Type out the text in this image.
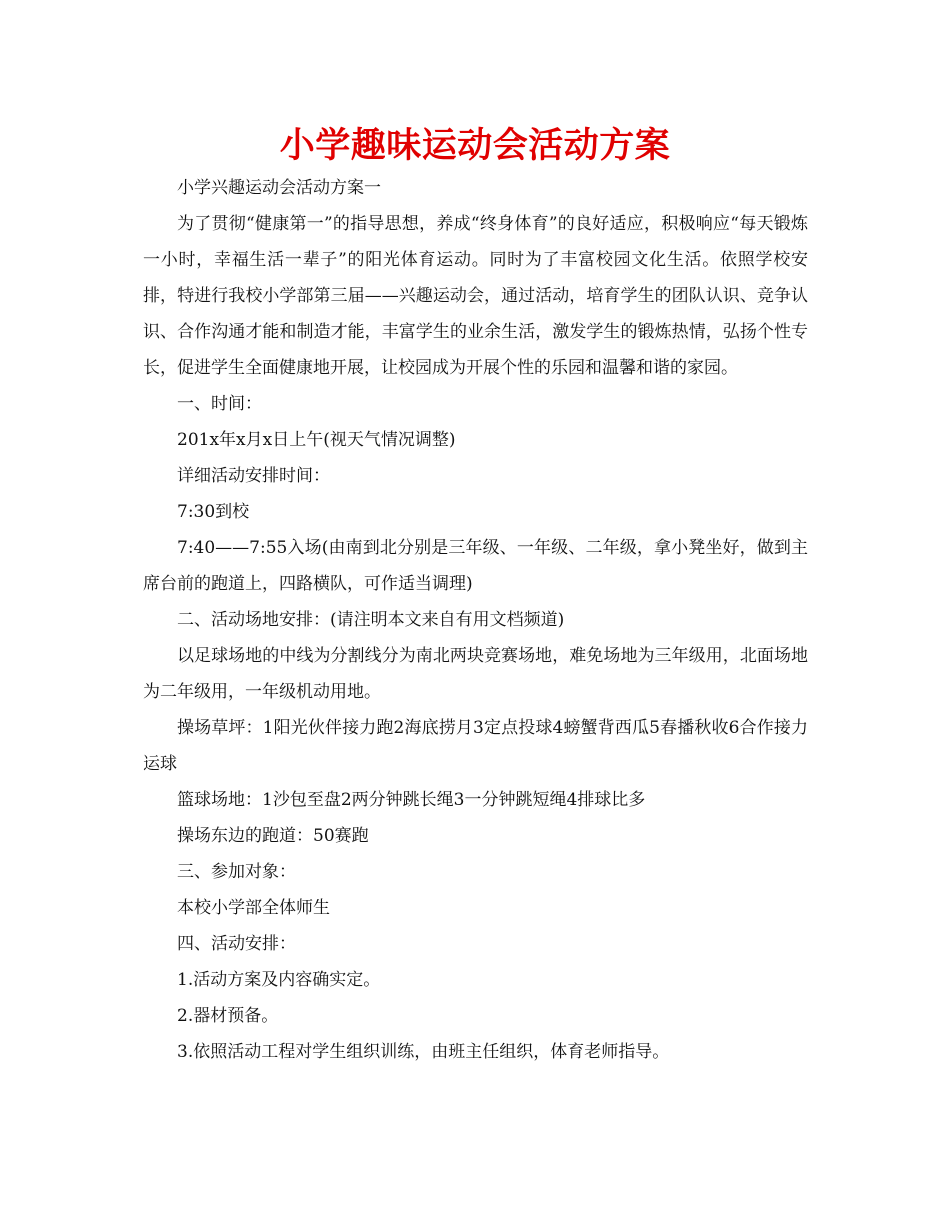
小学趣味运动会活动方案

小学兴趣运动会活动方案一

为了贯彻“健康第一”的指导思想，养成“终身体育”的良好适应，积极响应“每天锻炼一小时，幸福生活一辈子”的阳光体育运动。同时为了丰富校园文化生活。依照学校安排，特进行我校小学部第三届——兴趣运动会，通过活动，培育学生的团队认识、竞争认识、合作沟通才能和制造才能，丰富学生的业余生活，激发学生的锻炼热情，弘扬个性专长，促进学生全面健康地开展，让校园成为开展个性的乐园和温馨和谐的家园。

一、时间：

201x年x月x日上午(视天气情况调整)

详细活动安排时间：

7:30到校

7:40——7:55入场(由南到北分别是三年级、一年级、二年级，拿小凳坐好，做到主席台前的跑道上，四路横队，可作适当调理)

二、活动场地安排：(请注明本文来自有用文档频道)

以足球场地的中线为分割线分为南北两块竞赛场地，难免场地为三年级用，北面场地为二年级用，一年级机动用地。

操场草坪：1阳光伙伴接力跑2海底捞月3定点投球4螃蟹背西瓜5春播秋收6合作接力运球

篮球场地：1沙包至盘2两分钟跳长绳3一分钟跳短绳4排球比多

操场东边的跑道：50赛跑

三、参加对象：

本校小学部全体师生

四、活动安排：

1.活动方案及内容确实定。

2.器材预备。

3.依照活动工程对学生组织训练，由班主任组织，体育老师指导。
